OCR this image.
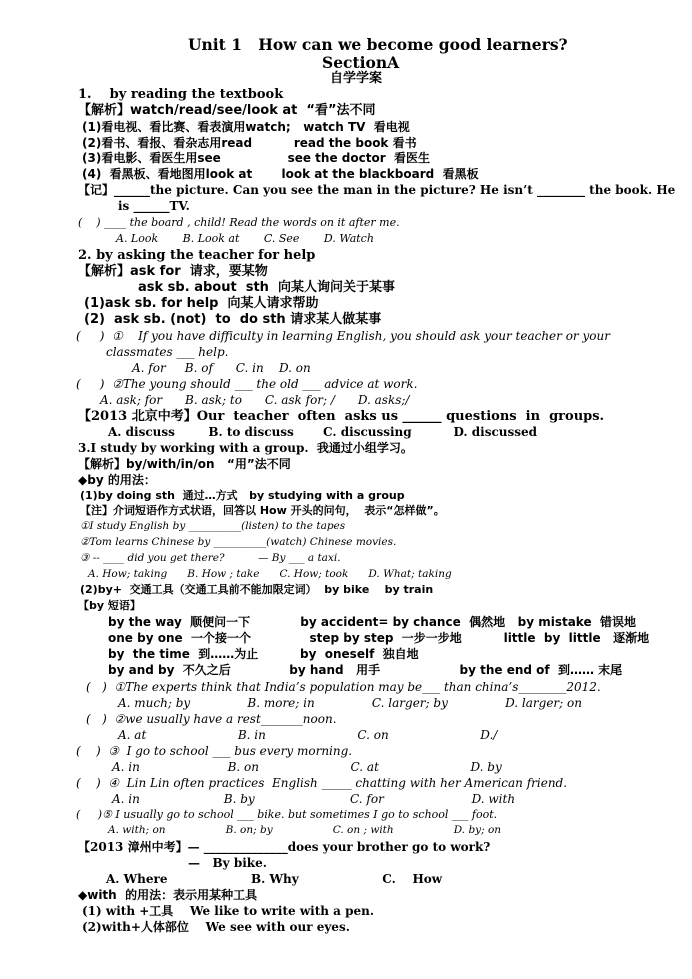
Unit 1   How can we become good learners?
SectionA
自学学案
1.    by reading the textbook
【解析】watch/read/see/look at  “看”法不同
(1)看电视、看比赛、看表演用watch;   watch TV  看电视
(2)看书、看报、看杂志用read          read the book 看书
(3)看电影、看医生用see                see the doctor  看医生
(4)  看黑板、看地图用look at       look at the blackboard  看黑板
【记】______the picture. Can you see the man in the picture? He isn’t ________ the book. He
is ______TV.
(    ) ____ the board , child! Read the words on it after me.
A. Look       B. Look at       C. See       D. Watch
2. by asking the teacher for help
【解析】ask for  请求，要某物
ask sb. about  sth  向某人询问关于某事
(1)ask sb. for help  向某人请求帮助
(2)  ask sb. (not)  to  do sth 请求某人做某事
(     )  ①    If you have difficulty in learning English, you should ask your teacher or your
classmates ___ help.
A. for     B. of      C. in    D. on
(     )  ②The young should ___ the old ___ advice at work.
A. ask; for      B. ask; to      C. ask for; /      D. asks;/
【2013 北京中考】Our  teacher  often  asks us ______ questions  in  groups.
A. discuss        B. to discuss       C. discussing          D. discussed
3.I study by working with a group.  我通过小组学习。
【解析】by/with/in/on   “用”法不同
◆by 的用法：
(1)by doing sth  通过…方式   by studying with a group
【注】介词短语作方式状语，回答以 How 开头的问句，  表示“怎样做”。
①I study English by __________(listen) to the tapes
②Tom learns Chinese by __________(watch) Chinese movies.
③ -- ____ did you get there?          — By ___ a taxi.
A. How; taking      B. How ; take      C. How; took      D. What; taking
(2)by+  交通工具（交通工具前不能加限定词）  by bike    by train
【by 短语】
by the way  顺便问一下            by accident= by chance  偶然地   by mistake  错误地
one by one  一个接一个              step by step  一步一步地          little  by  little   逐渐地
by  the time  到……为止          by  oneself  独自地
by and by  不久之后              by hand   用手                   by the end of  到…… 末尾
(   )  ①The experts think that India’s population may be___ than china’s________2012.
A. much; by               B. more; in               C. larger; by               D. larger; on
(   )  ②we usually have a rest_______noon.
A. at                        B. in                        C. on                        D./
(    )  ③  I go to school ___ bus every morning.
A. in                       B. on                        C. at                        D. by
(    )  ④  Lin Lin often practices  English _____ chatting with her American friend.
A. in                      B. by                         C. for                       D. with
(     )⑤ I usually go to school ___ bike. but sometimes I go to school ___ foot.
A. with; on                  B. on; by                  C. on ; with                  D. by; on
【2013 漳州中考】— ______________does your brother go to work?
—   By bike.
A. Where                    B. Why                    C.    How
◆with  的用法：表示用某种工具
(1) with +工具    We like to write with a pen.
(2)with+人体部位    We see with our eyes.
